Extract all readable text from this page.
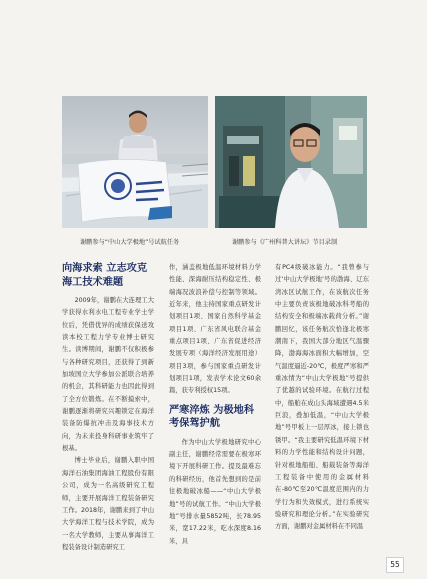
谢鹏参与“中山大学极地”号试航任务	谢鹏参与《广州科普大讲坛》节目录制
向海求索 立志攻克海工技术难题

2009年，谢鹏在大连理工大学获得水利水电工程专业学士学位后，凭借优异的成绩获保送攻读本校工程力学专业博士研究生。读博期间，谢鹏不仅积极参与各种研究项目，还获得了到新加坡国立大学参加公派联合培养的机会，其科研能力也因此得到了全方位锻炼。在不断摸索中，谢鹏逐渐将研究兴趣锁定在海洋装备防爆抗冲击及海事技术方向，为未来投身科研事业筑牢了根基。

博士毕业后，谢鹏入职中国海洋石油集团海油工程股份有限公司，成为一名高级研究工程师，主要开展海洋工程装备研究工作。2018年，谢鹏来到了中山大学海洋工程与技术学院，成为一名大学教师，主要从事海洋工程装备设计制造研究工

作，涵盖极地低温环境材料力学性能、深海耐压结构稳定性、极端海况波浪补偿与控制等领域。近年来，他主持国家重点研发计划项目1项、国家自然科学基金项目1项、广东省风电联合基金重点项目1项、广东省促进经济发展专项（海洋经济发展用途）项目3项，参与国家重点研发计划项目1项，发表学术论文60余篇，获专利授权15项。

严寒淬炼 为极地科考保驾护航

作为中山大学极地研究中心副主任，谢鹏经常需要在极寒环境下开展科研工作。提及最难忘的科研经历，他首先想到的是前往极地破冰船——“中山大学极地”号的试航工作。“中山大学极地”号排水量5852吨，长78.95米，宽17.22米，吃水深度8.16米，具

有PC4级破冰能力。“我曾参与过‘中山大学极地’号的渤海、辽东湾冰区试航工作，在该航次任务中主要负责该极地破冰科考船的结构安全和极端冰载荷分析。”谢鹏回忆，该任务航次恰逢北极寒潮南下，我国大部分地区气温骤降，渤海海冰面积大幅增加，空气温度逼近-20℃，极度严寒和严重冰情为“中山大学极地”号提供了优越的试验环境。在航行过程中，船舶在成山头海域遭遇4.5米巨浪，叠加低温，“中山大学极地”号甲板上一层厚冰，接上锁也锈甲。“我主要研究低温环境下材料的力学性能和结构设计问题，针对极地船舶、船载装备等海洋工程装备中使用的金属材料在-80℃至20℃温度范围内的力学行为和失效模式，进行系统实验研究和理论分析。”在实验研究方面，谢鹏对金属材料在不同温

55
